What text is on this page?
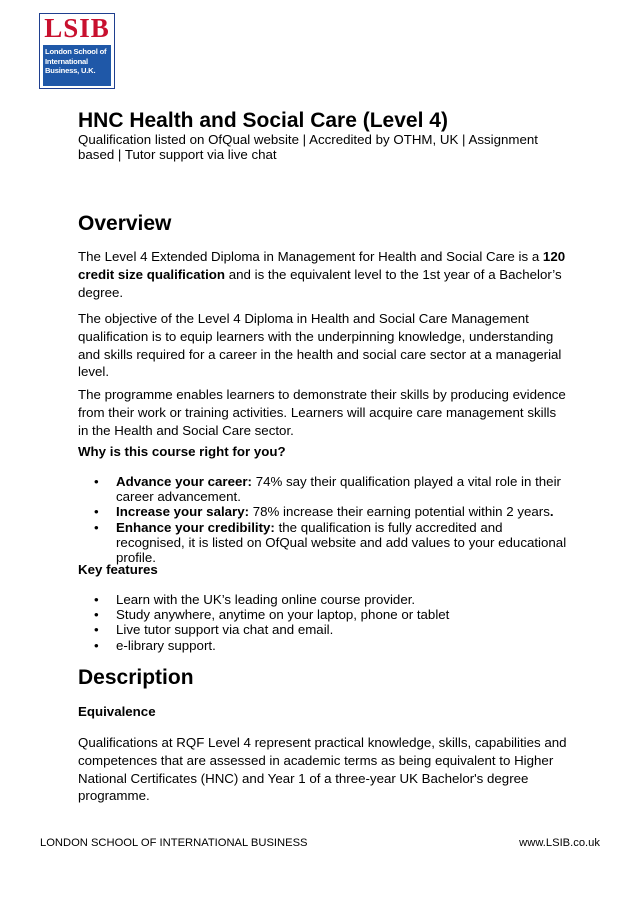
LSIB
London School of
International
Business, U.K.
HNC Health and Social Care (Level 4)

Qualification listed on OfQual website | Accredited by OTHM, UK | Assignment based | Tutor support via live chat

Overview

The Level 4 Extended Diploma in Management for Health and Social Care is a 120 credit size qualification and is the equivalent level to the 1st year of a Bachelor’s degree.

The objective of the Level 4 Diploma in Health and Social Care Management qualification is to equip learners with the underpinning knowledge, understanding and skills required for a career in the health and social care sector at a managerial level.

The programme enables learners to demonstrate their skills by producing evidence from their work or training activities. Learners will acquire care management skills in the Health and Social Care sector.

Why is this course right for you?
• Advance your career: 74% say their qualification played a vital role in their career advancement.
• Increase your salary: 78% increase their earning potential within 2 years.
• Enhance your credibility: the qualification is fully accredited and recognised, it is listed on OfQual website and add values to your educational profile.
Key features
• Learn with the UK’s leading online course provider.
• Study anywhere, anytime on your laptop, phone or tablet
• Live tutor support via chat and email.
• e-library support.
Description
Equivalence

Qualifications at RQF Level 4 represent practical knowledge, skills, capabilities and competences that are assessed in academic terms as being equivalent to Higher National Certificates (HNC) and Year 1 of a three-year UK Bachelor's degree programme.

LONDON SCHOOL OF INTERNATIONAL BUSINESS	www.LSIB.co.uk
